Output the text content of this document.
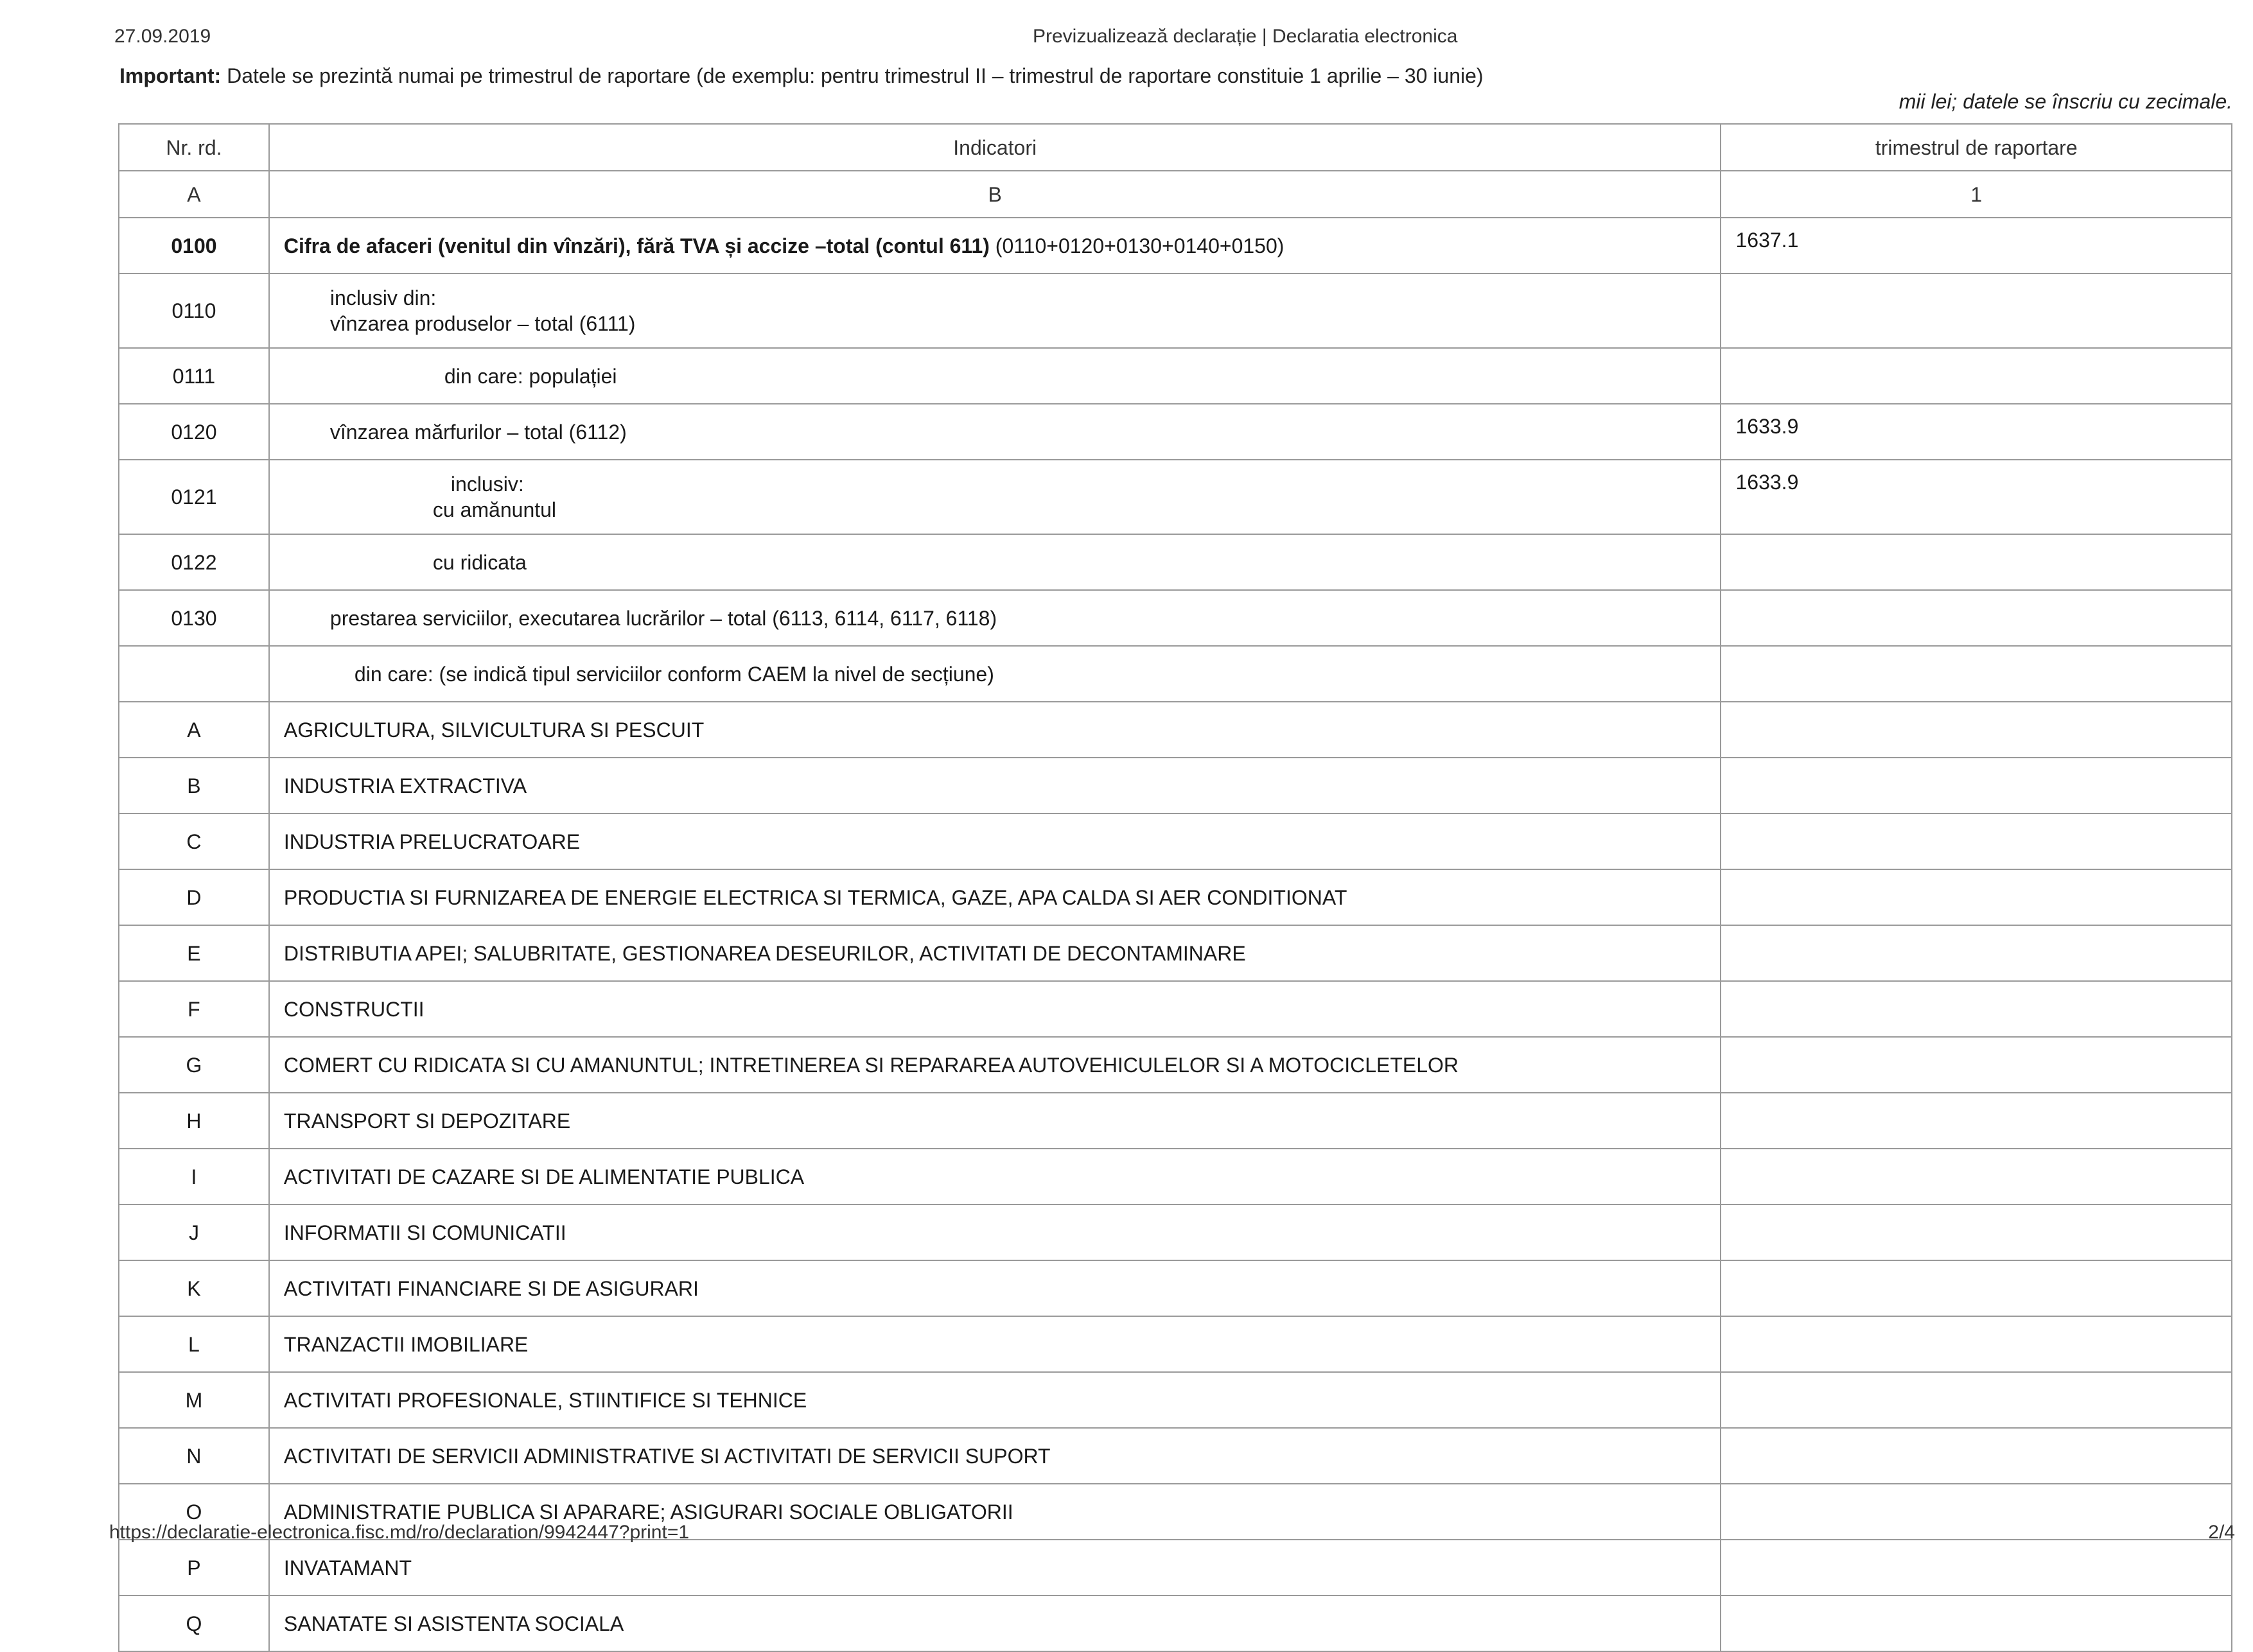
27.09.2019	Previzualizează declarație | Declaratia electronica
Important: Datele se prezintă numai pe trimestrul de raportare (de exemplu: pentru trimestrul II – trimestrul de raportare constituie 1 aprilie – 30 iunie)
mii lei; datele se înscriu cu zecimale.
Nr. rd.	Indicatori	trimestrul de raportare
A	B	1
0100	Cifra de afaceri (venitul din vînzări), fără TVA și accize –total (contul 611) (0110+0120+0130+0140+0150)	1637.1
0110	inclusiv din:
vînzarea produselor – total (6111)	

0111	din care: populației	

0120	vînzarea mărfurilor – total (6112)	1633.9
0121	inclusiv:
cu amănuntul	1633.9
0122	cu ridicata	

0130	prestarea serviciilor, executarea lucrărilor – total (6113, 6114, 6117, 6118)	

	din care: (se indică tipul serviciilor conform CAEM la nivel de secțiune)	

A	AGRICULTURA, SILVICULTURA SI PESCUIT	
B	INDUSTRIA EXTRACTIVA	
C	INDUSTRIA PRELUCRATOARE	
D	PRODUCTIA SI FURNIZAREA DE ENERGIE ELECTRICA SI TERMICA, GAZE, APA CALDA SI AER CONDITIONAT	
E	DISTRIBUTIA APEI; SALUBRITATE, GESTIONAREA DESEURILOR, ACTIVITATI DE DECONTAMINARE	
F	CONSTRUCTII	
G	COMERT CU RIDICATA SI CU AMANUNTUL; INTRETINEREA SI REPARAREA AUTOVEHICULELOR SI A MOTOCICLETELOR	
H	TRANSPORT SI DEPOZITARE	
I	ACTIVITATI DE CAZARE SI DE ALIMENTATIE PUBLICA	
J	INFORMATII SI COMUNICATII	
K	ACTIVITATI FINANCIARE SI DE ASIGURARI	
L	TRANZACTII IMOBILIARE	
M	ACTIVITATI PROFESIONALE, STIINTIFICE SI TEHNICE	
N	ACTIVITATI DE SERVICII ADMINISTRATIVE SI ACTIVITATI DE SERVICII SUPORT	
O	ADMINISTRATIE PUBLICA SI APARARE; ASIGURARI SOCIALE OBLIGATORII	
P	INVATAMANT	
Q	SANATATE SI ASISTENTA SOCIALA	
https://declaratie-electronica.fisc.md/ro/declaration/9942447?print=1	2/4
